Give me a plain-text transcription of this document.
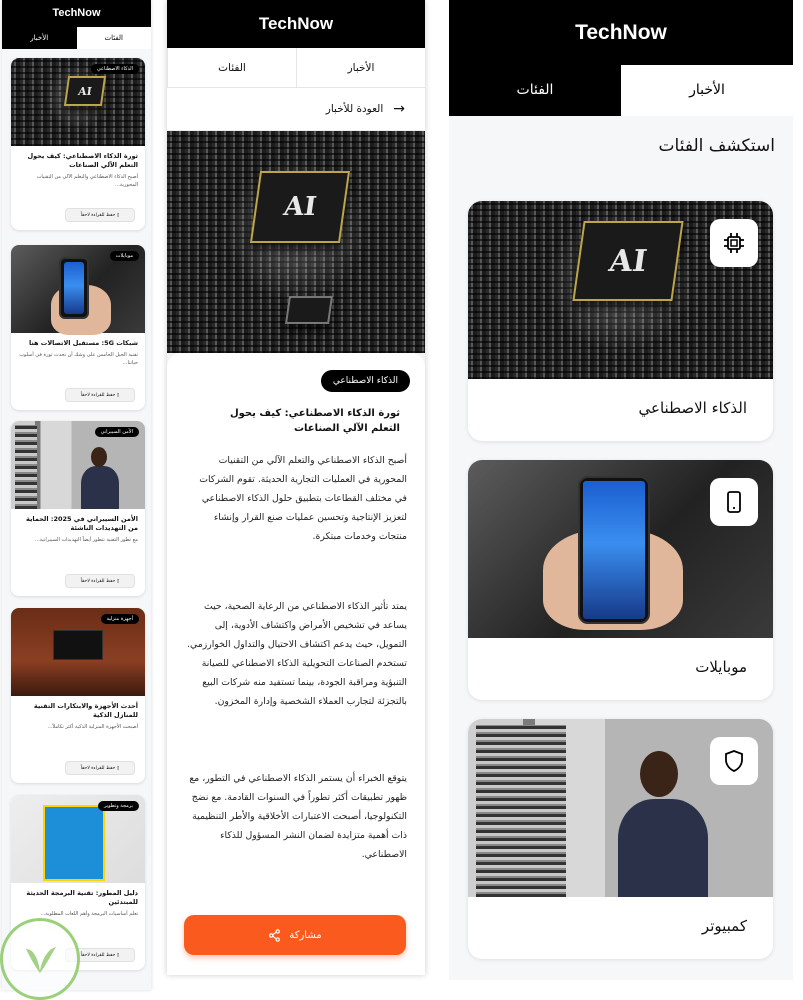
TechNow
الفئات
الأخبار
AI
الذكاء الاصطناعي
ثورة الذكاء الاصطناعي: كيف يحول التعلم الآلي الصناعات
أصبح الذكاء الاصطناعي والتعلم الآلي من التقنيات المحورية...
▯ حفظ للقراءة لاحقاً
موبايلات
شبكات 5G: مستقبل الاتصالات هنا
تقنية الجيل الخامس على وشك أن تحدث ثورة في أسلوب حياتنا...
▯ حفظ للقراءة لاحقاً
الأمن السيبراني
الأمن السيبراني في 2025: الحماية من التهديدات الناشئة
مع تطور التقنية تتطور أيضاً التهديدات السيبرانية...
▯ حفظ للقراءة لاحقاً
أجهزة منزلية
أحدث الأجهزة والابتكارات التقنية للمنازل الذكية
أصبحت الأجهزة المنزلية الذكية أكثر تكاملاً...
▯ حفظ للقراءة لاحقاً
برمجة وتطوير
دليل المطور: تقنية البرمجة الحديثة للمبتدئين
تعلم أساسيات البرمجة وأهم اللغات المطلوبة...
▯ حفظ للقراءة لاحقاً
TechNow
الأخبار
الفئات
→
العودة للأخبار
AI
الذكاء الاصطناعي
ثورة الذكاء الاصطناعي: كيف يحول التعلم الآلي الصناعات

أصبح الذكاء الاصطناعي والتعلم الآلي من التقنيات المحورية في العمليات التجارية الحديثة. تقوم الشركات في مختلف القطاعات بتطبيق حلول الذكاء الاصطناعي لتعزيز الإنتاجية وتحسين عمليات صنع القرار وإنشاء منتجات وخدمات مبتكرة.

يمتد تأثير الذكاء الاصطناعي من الرعاية الصحية، حيث يساعد في تشخيص الأمراض واكتشاف الأدوية، إلى التمويل، حيث يدعم اكتشاف الاحتيال والتداول الخوارزمي. تستخدم الصناعات التحويلية الذكاء الاصطناعي للصيانة التنبؤية ومراقبة الجودة، بينما تستفيد منه شركات البيع بالتجزئة لتجارب العملاء الشخصية وإدارة المخزون.

يتوقع الخبراء أن يستمر الذكاء الاصطناعي في التطور، مع ظهور تطبيقات أكثر تطوراً في السنوات القادمة. مع نضج التكنولوجيا، أصبحت الاعتبارات الأخلاقية والأطر التنظيمية ذات أهمية متزايدة لضمان النشر المسؤول للذكاء الاصطناعي.

مشاركة
TechNow
الأخبار
الفئات
استكشف الفئات
AI
الذكاء الاصطناعي
موبايلات
كمبيوتر
